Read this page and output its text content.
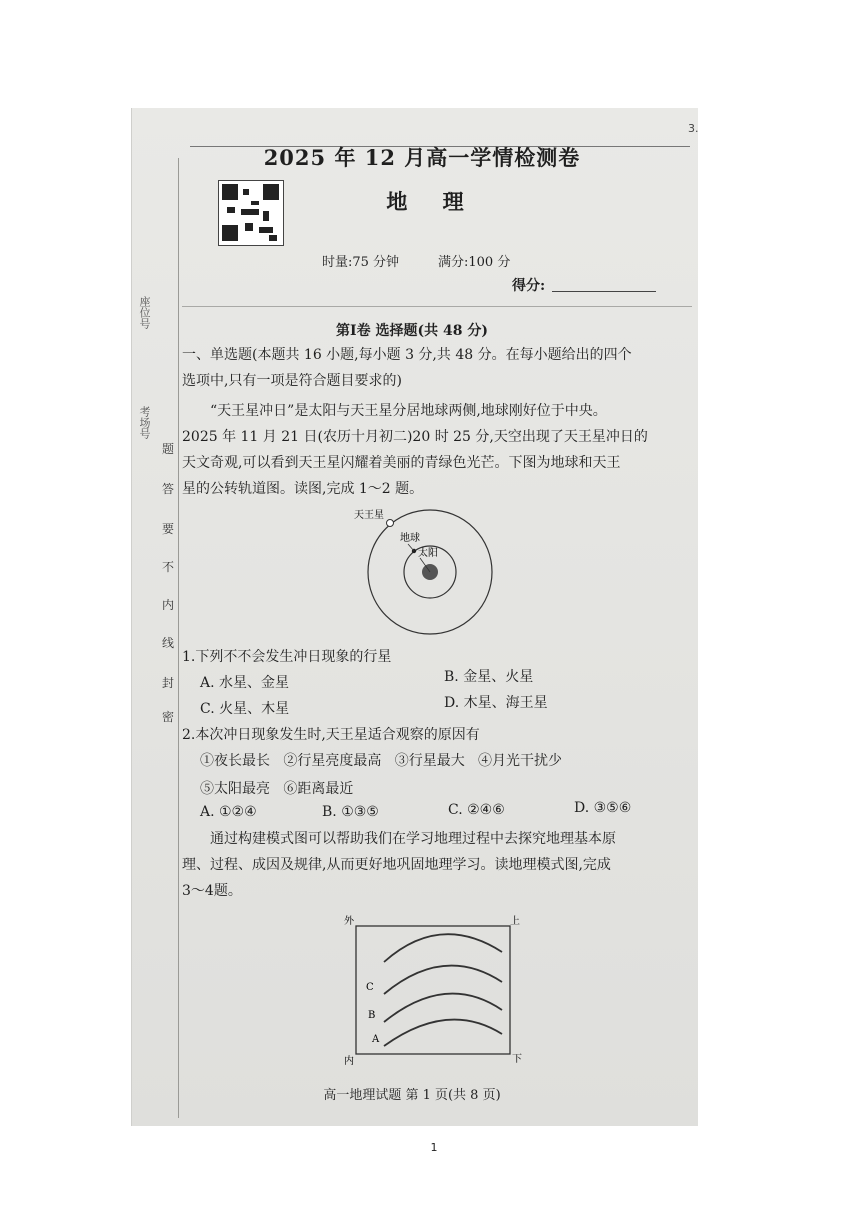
座位号
考场号
题
答
要
不
内
线
封
密
2025 年 12 月高一学情检测卷
地 理
时量:75 分钟	满分:100 分
得分:
第Ⅰ卷 选择题(共 48 分)
一、单选题(本题共 16 小题,每小题 3 分,共 48 分。在每小题给出的四个
选项中,只有一项是符合题目要求的)
“天王星冲日”是太阳与天王星分居地球两侧,地球刚好位于中央。
2025 年 11 月 21 日(农历十月初二)20 时 25 分,天空出现了天王星冲日的
天文奇观,可以看到天王星闪耀着美丽的青绿色光芒。下图为地球和天王
星的公转轨道图。读图,完成 1～2 题。
天王星
地球
太阳
1.下列不不会发生冲日现象的行星
A. 水星、金星	B. 金星、火星
C. 火星、木星	D. 木星、海王星
2.本次冲日现象发生时,天王星适合观察的原因有
①夜长最长   ②行星亮度最高   ③行星最大   ④月光干扰少
⑤太阳最亮   ⑥距离最近
A. ①②④	B. ①③⑤	C. ②④⑥	D. ③⑤⑥
通过构建模式图可以帮助我们在学习地理过程中去探究地理基本原
理、过程、成因及规律,从而更好地巩固地理学习。读地理模式图,完成
3～4题。
外	上
内	下
C
B
A
高一地理试题 第 1 页(共 8 页)
3.
1
